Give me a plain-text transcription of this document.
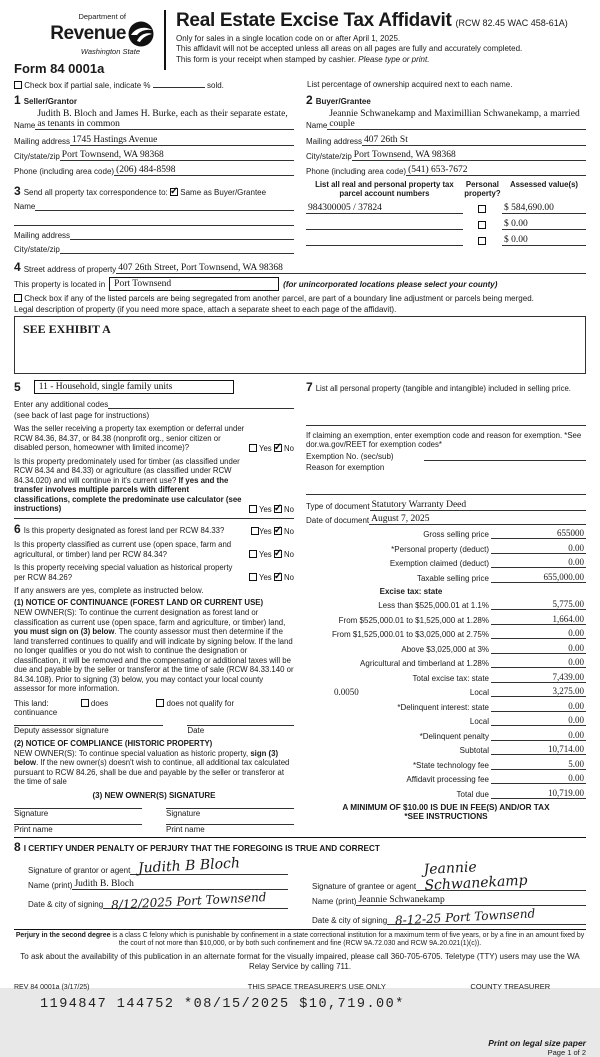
Department of
Revenue
Washington State
Form 84 0001a
Real Estate Excise Tax Affidavit (RCW 82.45 WAC 458-61A)
Only for sales in a single location code on or after April 1, 2025.
This affidavit will not be accepted unless all areas on all pages are fully and accurately completed.
This form is your receipt when stamped by cashier. Please type or print.
Check box if partial sale, indicate %	sold.	List percentage of ownership acquired next to each name.
1 Seller/Grantor
Name
Judith B. Bloch and James H. Burke, each as their separate estate, as tenants in common
Mailing address 1745 Hastings Avenue
City/state/zip Port Townsend, WA 98368
Phone (including area code) (206) 484-8598
3 Send all property tax correspondence to: ✓ Same as Buyer/Grantee
Name
Mailing address
City/state/zip
2 Buyer/Grantee
Name
Jeannie Schwanekamp and Maximillian Schwanekamp, a married couple
Mailing address 407 26th St
City/state/zip Port Townsend, WA 98368
Phone (including area code) (541) 653-7672
List all real and personal property tax parcel account numbers
Personal property?
Assessed value(s)
984300005 / 37824	$ 584,690.00
$ 0.00
$ 0.00
4 Street address of property 407 26th Street, Port Townsend, WA 98368
This property is located in Port Townsend	(for unincorporated locations please select your county)
Check box if any of the listed parcels are being segregated from another parcel, are part of a boundary line adjustment or parcels being merged.
Legal description of property (if you need more space, attach a separate sheet to each page of the affidavit).
SEE EXHIBIT A
5	11 - Household, single family units
Enter any additional codes
(see back of last page for instructions)
Was the seller receiving a property tax exemption or deferral under RCW 84.36, 84.37, or 84.38 (nonprofit org., senior citizen or disabled person, homeowner with limited income)?	Yes ✓ No
Is this property predominately used for timber (as classified under RCW 84.34 and 84.33) or agriculture (as classified under RCW 84.34.020) and will continue in it's current use? If yes and the transfer involves multiple parcels with different classifications, complete the predominate use calculator (see instructions)	Yes ✓ No
6 Is this property designated as forest land per RCW 84.33?	Yes ✓ No
Is this property classified as current use (open space, farm and agricultural, or timber) land per RCW 84.34?	Yes ✓ No
Is this property receiving special valuation as historical property per RCW 84.26?	Yes ✓ No
If any answers are yes, complete as instructed below.
(1) NOTICE OF CONTINUANCE (FOREST LAND OR CURRENT USE)
NEW OWNER(S): To continue the current designation as forest land or classification as current use (open space, farm and agriculture, or timber) land, you must sign on (3) below. The county assessor must then determine if the land transferred continues to qualify and will indicate by signing below. If the land no longer qualifies or you do not wish to continue the designation or classification, it will be removed and the compensating or additional taxes will be due and payable by the seller or transferor at the time of sale (RCW 84.33.140 or 84.34.108). Prior to signing (3) below, you may contact your local county assessor for more information.
This land:	does	does not qualify for
continuance
Deputy assessor signature	Date
(2) NOTICE OF COMPLIANCE (HISTORIC PROPERTY)
NEW OWNER(S): To continue special valuation as historic property, sign (3) below. If the new owner(s) doesn't wish to continue, all additional tax calculated pursuant to RCW 84.26, shall be due and payable by the seller or transferor at the time of sale
(3) NEW OWNER(S) SIGNATURE
Signature	Signature
Print name	Print name
7 List all personal property (tangible and intangible) included in selling price.
If claiming an exemption, enter exemption code and reason for exemption. *See dor.wa.gov/REET for exemption codes*
Exemption No. (sec/sub)
Reason for exemption
Type of document Statutory Warranty Deed
Date of document August 7, 2025
Gross selling price	655000
*Personal property (deduct)	0.00
Exemption claimed (deduct)	0.00
Taxable selling price	655,000.00
Excise tax: state
Less than $525,000.01 at 1.1%	5,775.00
From $525,000.01 to $1,525,000 at 1.28%	1,664.00
From $1,525,000.01 to $3,025,000 at 2.75%	0.00
Above $3,025,000 at 3%	0.00
Agricultural and timberland at 1.28%	0.00
Total excise tax: state	7,439.00
0.0050	Local	3,275.00
*Delinquent interest: state	0.00
Local	0.00
*Delinquent penalty	0.00
Subtotal	10,714.00
*State technology fee	5.00
Affidavit processing fee	0.00
Total due	10,719.00
A MINIMUM OF $10.00 IS DUE IN FEE(S) AND/OR TAX
*SEE INSTRUCTIONS
8 I CERTIFY UNDER PENALTY OF PERJURY THAT THE FOREGOING IS TRUE AND CORRECT
Signature of grantor or agent Judith B Bloch
Name (print) Judith B. Bloch
Date & city of signing 8/12/2025 Port Townsend
Signature of grantee or agent
Jeannie Schwanekamp
Name (print) Jeannie Schwanekamp
Date & city of signing 8-12-25 Port Townsend
Perjury in the second degree is a class C felony which is punishable by confinement in a state correctional institution for a maximum term of five years, or by a fine in an amount fixed by the court of not more than $10,000, or by both such confinement and fine (RCW 9A.72.030 and RCW 9A.20.021(1)(c)).
To ask about the availability of this publication in an alternate format for the visually impaired, please call 360-705-6705. Teletype (TTY) users may use the WA Relay Service by calling 711.
REV 84 0001a (3/17/25)	THIS SPACE TREASURER'S USE ONLY	COUNTY TREASURER
1194847 144752 *08/15/2025 $10,719.00*
Print on legal size paper
Page 1 of 2
